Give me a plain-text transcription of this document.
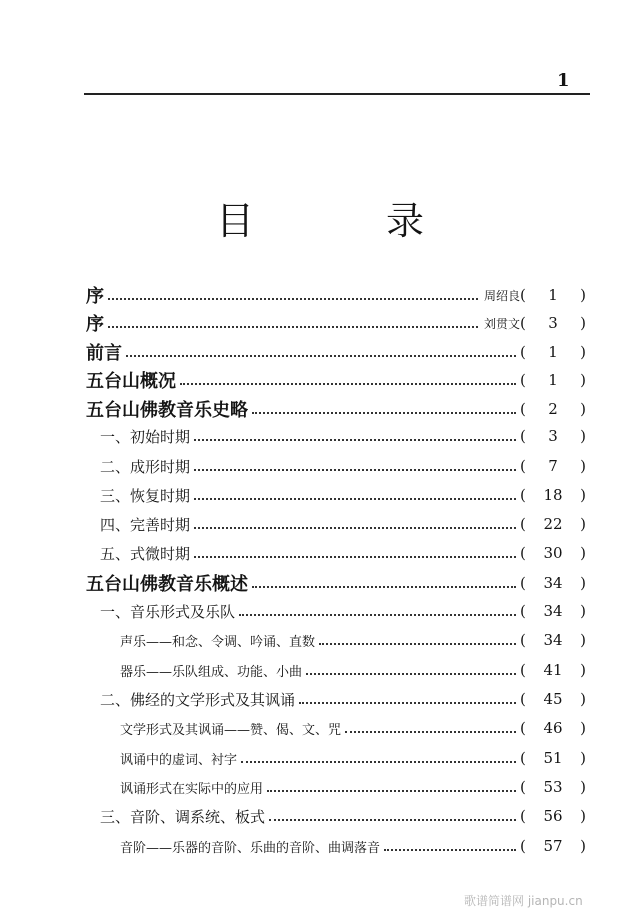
1
目 录
序	周绍良 (	1	)
序	刘贯文 (	3	)
前言	(	1	)
五台山概况	(	1	)
五台山佛教音乐史略	(	2	)
一、初始时期	(	3	)
二、成形时期	(	7	)
三、恢复时期	(	18	)
四、完善时期	(	22	)
五、式微时期	(	30	)
五台山佛教音乐概述	(	34	)
一、音乐形式及乐队	(	34	)
声乐——和念、令调、吟诵、直数	(	34	)
器乐——乐队组成、功能、小曲	(	41	)
二、佛经的文学形式及其讽诵	(	45	)
文学形式及其讽诵——赞、偈、文、咒	(	46	)
讽诵中的虚词、衬字	(	51	)
讽诵形式在实际中的应用	(	53	)
三、音阶、调系统、板式	(	56	)
音阶——乐器的音阶、乐曲的音阶、曲调落音	(	57	)
歌谱简谱网 jianpu.cn
